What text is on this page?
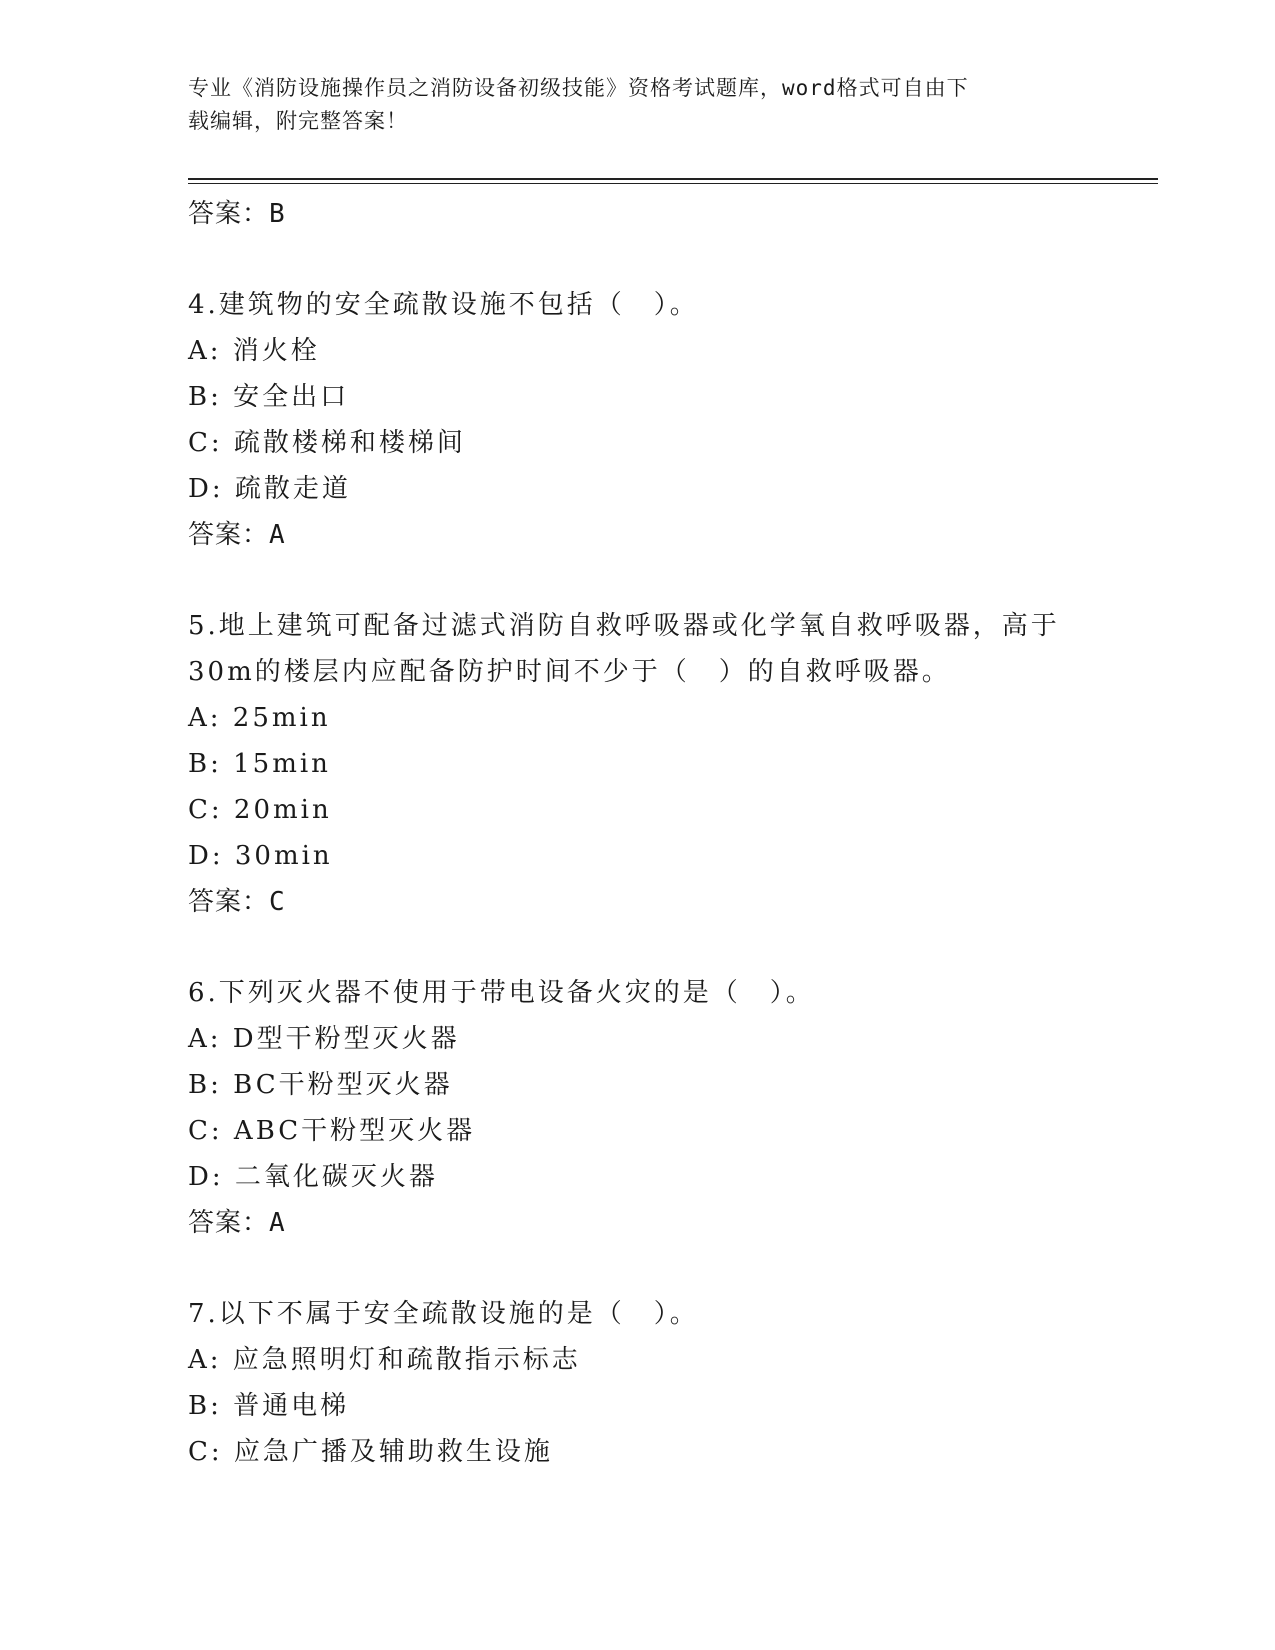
专业《消防设施操作员之消防设备初级技能》资格考试题库，word格式可自由下
载编辑，附完整答案！
答案：B
4.建筑物的安全疏散设施不包括（　）。
A: 消火栓
B: 安全出口
C: 疏散楼梯和楼梯间
D: 疏散走道
答案：A
5.地上建筑可配备过滤式消防自救呼吸器或化学氧自救呼吸器，高于
30m的楼层内应配备防护时间不少于（　）的自救呼吸器。
A: 25min
B: 15min
C: 20min
D: 30min
答案：C
6.下列灭火器不使用于带电设备火灾的是（　）。
A: D型干粉型灭火器
B: BC干粉型灭火器
C: ABC干粉型灭火器
D: 二氧化碳灭火器
答案：A
7.以下不属于安全疏散设施的是（　）。
A: 应急照明灯和疏散指示标志
B: 普通电梯
C: 应急广播及辅助救生设施
